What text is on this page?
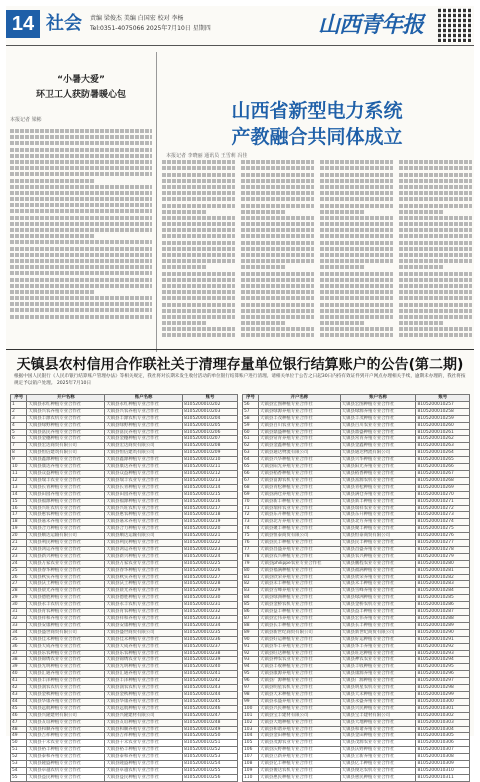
14 社会 责编 梁俊杰 美编 白国宏 校对 李杨
Tel:0351-4075066 2025年7月10日 星期四	山西青年报
“小暑大爱”
环卫工人获防暑暖心包
本报记者 梁彬	山西省新型电力系统
产教融合共同体成立
本报记者 李晓丽 通讯员 王雪莉 冯佳
天镇县农村信用合作联社关于清理存量单位银行结算账户的公告(第二期)
根据中国人民银行《人民币银行结算账户管理办法》等相关规定，我社将对长期未发生收付活动的单位银行结算账户进行清理。请相关单位于公告之日起30日内持有效证件到开户网点办理相关手续，逾期未办理的，我社将按规定予以销户处理。 2025年7月10日
序号	开户名称	账户名称	账号
1	天镇县永红种植专业合作社	天镇县永红种植专业合作社	8105200010202
2	天镇县兴农养殖专业合作社	天镇县兴农养殖专业合作社	8105200010203
3	天镇县丰源农机专业合作社	天镇县丰源农机专业合作社	8105200010204
4	天镇县绿野种植专业合作社	天镇县绿野种植专业合作社	8105200010205
5	天镇县富民养殖专业合作社	天镇县富民养殖专业合作社	8105200010206
6	天镇县金穗种植专业合作社	天镇县金穗种植专业合作社	8105200010207
7	天镇县宏达商贸有限公司	天镇县宏达商贸有限公司	8105200010208
8	天镇县恒信建筑有限公司	天镇县恒信建筑有限公司	8105200010209
9	天镇县鑫源种植专业合作社	天镇县鑫源种植专业合作社	8105200010210
10	天镇县康达养殖专业合作社	天镇县康达养殖专业合作社	8105200010211
11	天镇县众益种植专业合作社	天镇县众益种植专业合作社	8105200010212
12	天镇县瑞丰农业专业合作社	天镇县瑞丰农业专业合作社	8105200010213
13	天镇县长青种植专业合作社	天镇县长青种植专业合作社	8105200010214
14	天镇县田园养殖专业合作社	天镇县田园养殖专业合作社	8105200010215
15	天镇县福源种植专业合作社	天镇县福源种植专业合作社	8105200010216
16	天镇县兴旺农机专业合作社	天镇县兴旺农机专业合作社	8105200010217
17	天镇县惠农种植专业合作社	天镇县惠农种植专业合作社	8105200010218
18	天镇县嘉禾养殖专业合作社	天镇县嘉禾养殖专业合作社	8105200010219
19	天镇县合力种植专业合作社	天镇县合力种植专业合作社	8105200010220
20	天镇县顺达运输有限公司	天镇县顺达运输有限公司	8105200010221
21	天镇县利民种植专业合作社	天镇县利民种植专业合作社	8105200010222
22	天镇县鸿运养殖专业合作社	天镇县鸿运养殖专业合作社	8105200010223
23	天镇县新兴种植专业合作社	天镇县新兴种植专业合作社	8105200010224
24	天镇县万家农业专业合作社	天镇县万家农业专业合作社	8105200010225
25	天镇县春华种植专业合作社	天镇县春华种植专业合作社	8105200010226
26	天镇县秋实养殖专业合作社	天镇县秋实养殖专业合作社	8105200010227
27	天镇县沃土种植专业合作社	天镇县沃土种植专业合作社	8105200010228
28	天镇县晨光养殖专业合作社	天镇县晨光养殖专业合作社	8105200010229
29	天镇县德胜种植专业合作社	天镇县德胜种植专业合作社	8105200010230
30	天镇县永丰农机专业合作社	天镇县永丰农机专业合作社	8105200010231
31	天镇县育农种植专业合作社	天镇县育农种植专业合作社	8105200010232
32	天镇县祥和养殖专业合作社	天镇县祥和养殖专业合作社	8105200010233
33	天镇县安康种植专业合作社	天镇县安康种植专业合作社	8105200010234
34	天镇县盛世商贸有限公司	天镇县盛世商贸有限公司	8105200010235
35	天镇县佳禾种植专业合作社	天镇县佳禾种植专业合作社	8105200010236
36	天镇县天成养殖专业合作社	天镇县天成养殖专业合作社	8105200010237
37	天镇县乐农种植专业合作社	天镇县乐农种植专业合作社	8105200010238
38	天镇县锦绣农业专业合作社	天镇县锦绣农业专业合作社	8105200010239
39	天镇县光明种植专业合作社	天镇县光明种植专业合作社	8105200010240
40	天镇县汇通养殖专业合作社	天镇县汇通养殖专业合作社	8105200010241
41	天镇县丰泽种植专业合作社	天镇县丰泽种植专业合作社	8105200010242
42	天镇县润农农机专业合作社	天镇县润农农机专业合作社	8105200010243
43	天镇县金秋种植专业合作社	天镇县金秋种植专业合作社	8105200010244
44	天镇县华康养殖专业合作社	天镇县华康养殖专业合作社	8105200010245
45	天镇县远航种植专业合作社	天镇县远航种植专业合作社	8105200010246
46	天镇县兴隆建材有限公司	天镇县兴隆建材有限公司	8105200010247
47	天镇县友谊种植专业合作社	天镇县友谊种植专业合作社	8105200010248
48	天镇县和顺养殖专业合作社	天镇县和顺养殖专业合作社	8105200010249
49	天镇县吉祥种植专业合作社	天镇县吉祥种植专业合作社	8105200010250
50	天镇县千禾农业专业合作社	天镇县千禾农业专业合作社	8105200010251
51	天镇县裕丰种植专业合作社	天镇县裕丰种植专业合作社	8105200010252
52	天镇县泰和养殖专业合作社	天镇县泰和养殖专业合作社	8105200010253
53	天镇县隆盛种植专业合作社	天镇县隆盛种植专业合作社	8105200010254
54	天镇县卓越农机专业合作社	天镇县卓越农机专业合作社	8105200010255
55	天镇县益民种植专业合作社	天镇县益民种植专业合作社	8105200010256
序号	开户名称	账户名称	账号
56	天镇县宏图种植专业合作社	天镇县宏图种植专业合作社	8105200010257
57	天镇县绿源养殖专业合作社	天镇县绿源养殖专业合作社	8105200010258
58	天镇县丰茂种植专业合作社	天镇县丰茂种植专业合作社	8105200010259
59	天镇县百川农业专业合作社	天镇县百川农业专业合作社	8105200010260
60	天镇县鼎盛种植专业合作社	天镇县鼎盛种植专业合作社	8105200010261
61	天镇县常青养殖专业合作社	天镇县常青养殖专业合作社	8105200010262
62	天镇县金鑫种植专业合作社	天镇县金鑫种植专业合作社	8105200010263
63	天镇县通达物流有限公司	天镇县通达物流有限公司	8105200010264
64	天镇县兴华种植专业合作社	天镇县兴华种植专业合作社	8105200010265
65	天镇县阳光养殖专业合作社	天镇县阳光养殖专业合作社	8105200010266
66	天镇县稻香种植专业合作社	天镇县稻香种植专业合作社	8105200010267
67	天镇县富源农机专业合作社	天镇县富源农机专业合作社	8105200010268
68	天镇县青松种植专业合作社	天镇县青松种植专业合作社	8105200010269
69	天镇县满仓养殖专业合作社	天镇县满仓养殖专业合作社	8105200010270
70	天镇县新丰种植专业合作社	天镇县新丰种植专业合作社	8105200010271
71	天镇县瑞祥农业专业合作社	天镇县瑞祥农业专业合作社	8105200010272
72	天镇县东升种植专业合作社	天镇县东升种植专业合作社	8105200010273
73	天镇县北方养殖专业合作社	天镇县北方养殖专业合作社	8105200010274
74	天镇县聚丰种植专业合作社	天镇县聚丰种植专业合作社	8105200010275
75	天镇县恒泰商贸有限公司	天镇县恒泰商贸有限公司	8105200010276
76	天镇县民丰种植专业合作社	天镇县民丰种植专业合作社	8105200010277
77	天镇县昌盛养殖专业合作社	天镇县昌盛养殖专业合作社	8105200010278
78	天镇县农兴种植专业合作社	天镇县农兴种植专业合作社	8105200010279
79	天镇县philippe农业专业合作社	天镇县鹏程农业专业合作社	8105200010280
80	天镇县福满种植专业合作社	天镇县福满种植专业合作社	8105200010281
81	天镇县欣荣养殖专业合作社	天镇县欣荣养殖专业合作社	8105200010282
82	天镇县禾丰种植专业合作社	天镇县禾丰种植专业合作社	8105200010283
83	天镇县雪峰养殖专业合作社	天镇县雪峰养殖专业合作社	8105200010284
84	天镇县绿洲种植专业合作社	天镇县绿洲种植专业合作社	8105200010285
85	天镇县金桥农机专业合作社	天镇县金桥农机专业合作社	8105200010286
86	天镇县益丰种植专业合作社	天镇县益丰种植专业合作社	8105200010287
87	天镇县宏伟养殖专业合作社	天镇县宏伟养殖专业合作社	8105200010288
88	天镇县长丰种植专业合作社	天镇县长丰种植专业合作社	8105200010289
89	天镇县新世纪商贸有限公司	天镇县新世纪商贸有限公司	8105200010290
90	天镇县好运种植专业合作社	天镇县好运种植专业合作社	8105200010291
91	天镇县华丰养殖专业合作社	天镇县华丰养殖专业合作社	8105200010292
92	天镇县旺达种植专业合作社	天镇县旺达种植专业合作社	8105200010293
93	天镇县神农农业专业合作社	天镇县神农农业专业合作社	8105200010294
94	天镇县丰收种植专业合作社	天镇县丰收种植专业合作社	8105200010295
95	天镇县康源养殖专业合作社	天镇县康源养殖专业合作社	8105200010296
96	天镇县广源种植专业合作社	天镇县广源种植专业合作社	8105200010297
97	天镇县明星农机专业合作社	天镇县明星农机专业合作社	8105200010298
98	天镇县天禾种植专业合作社	天镇县天禾种植专业合作社	8105200010299
99	天镇县永盛养殖专业合作社	天镇县永盛养殖专业合作社	8105200010300
100	天镇县兴民种植专业合作社	天镇县兴民种植专业合作社	8105200010301
101	天镇县宝丰建材有限公司	天镇县宝丰建材有限公司	8105200010302
102	天镇县大地种植专业合作社	天镇县大地种植专业合作社	8105200010303
103	天镇县和谐养殖专业合作社	天镇县和谐养殖专业合作社	8105200010304
104	天镇县金田种植专业合作社	天镇县金田种植专业合作社	8105200010305
105	天镇县茂源农业专业合作社	天镇县茂源农业专业合作社	8105200010306
106	天镇县沃野种植专业合作社	天镇县沃野种植专业合作社	8105200010307
107	天镇县立新养殖专业合作社	天镇县立新养殖专业合作社	8105200010308
108	天镇县亿丰种植专业合作社	天镇县亿丰种植专业合作社	8105200010309
109	天镇县俊达农机专业合作社	天镇县俊达农机专业合作社	8105200010310
110	天镇县惠民种植专业合作社	天镇县惠民种植专业合作社	8105200010311
